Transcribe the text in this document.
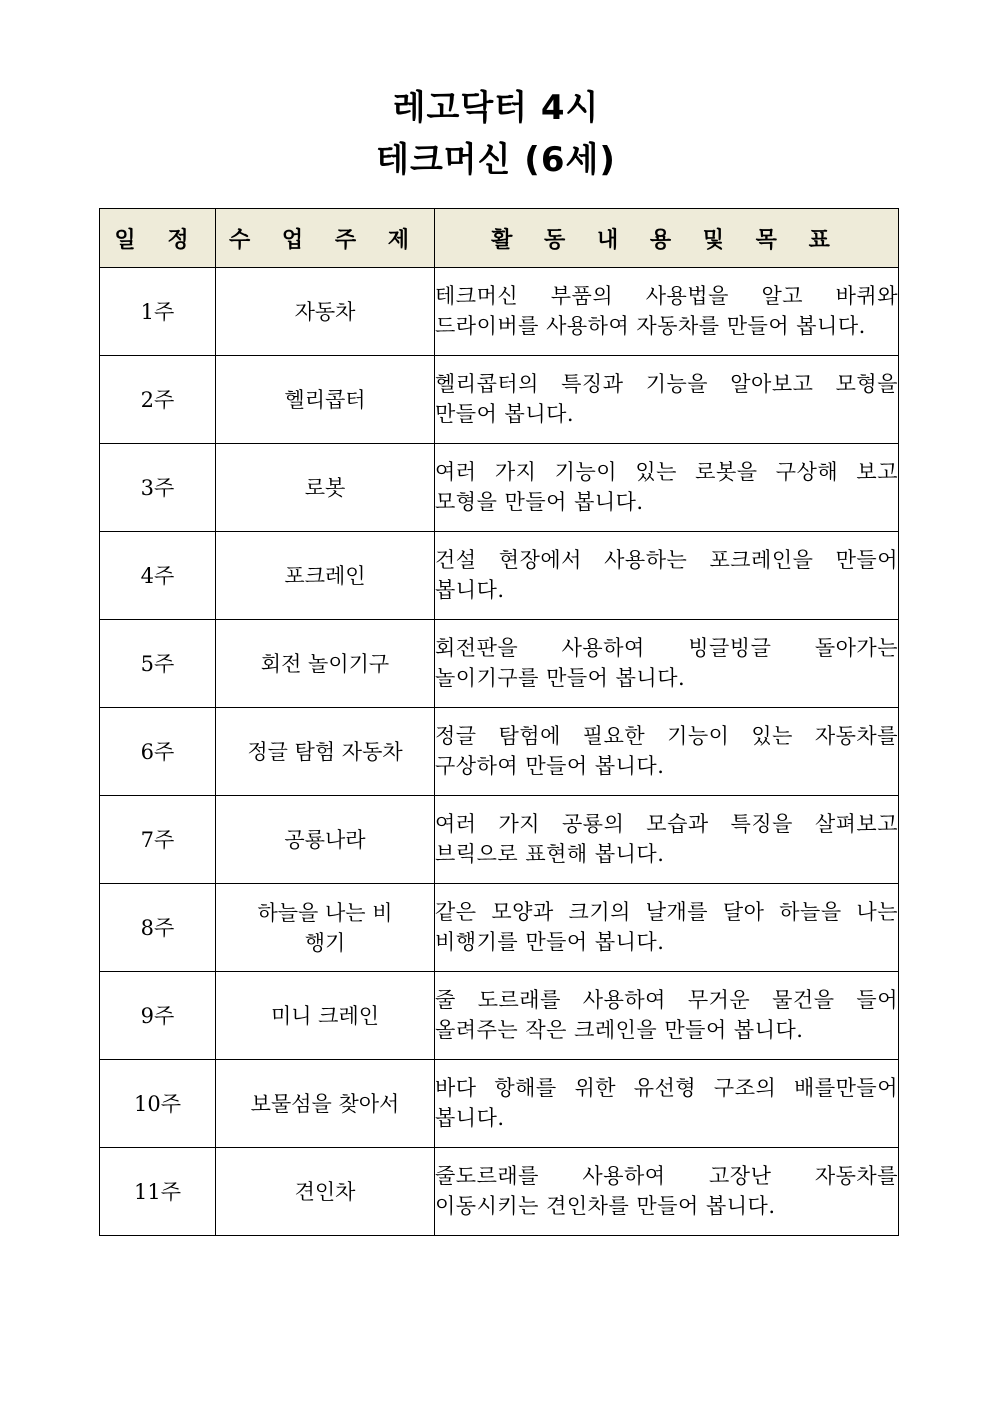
레고닥터 4시
테크머신 (6세)
일 정	수 업 주 제	활 동 내 용 및 목 표
1주	자동차	테크머신 부품의 사용법을 알고 바퀴와 드라이버를 사용하여 자동차를 만들어 봅니다.
2주	헬리콥터	헬리콥터의 특징과 기능을 알아보고 모형을 만들어 봅니다.
3주	로봇	여러 가지 기능이 있는 로봇을 구상해 보고 모형을 만들어 봅니다.
4주	포크레인	건설 현장에서 사용하는 포크레인을 만들어 봅니다.
5주	회전 놀이기구	회전판을 사용하여 빙글빙글 돌아가는 놀이기구를 만들어 봅니다.
6주	정글 탐험 자동차	정글 탐험에 필요한 기능이 있는 자동차를 구상하여 만들어 봅니다.
7주	공룡나라	여러 가지 공룡의 모습과 특징을 살펴보고 브릭으로 표현해 봅니다.
8주	하늘을 나는 비행기	같은 모양과 크기의 날개를 달아 하늘을 나는 비행기를 만들어 봅니다.
9주	미니 크레인	줄 도르래를 사용하여 무거운 물건을 들어 올려주는 작은 크레인을 만들어 봅니다.
10주	보물섬을 찾아서	바다 항해를 위한 유선형 구조의 배를만들어 봅니다.
11주	견인차	줄도르래를 사용하여 고장난 자동차를 이동시키는 견인차를 만들어 봅니다.
